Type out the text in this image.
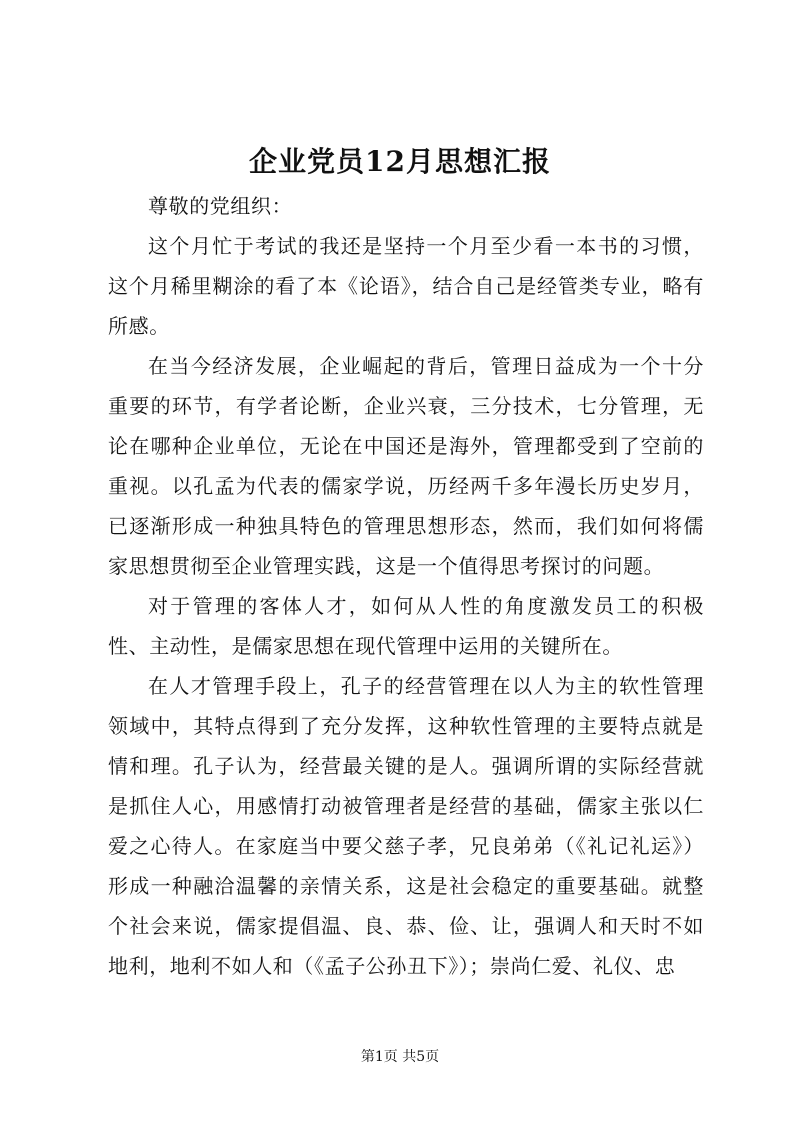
企业党员12月思想汇报

尊敬的党组织：

这个月忙于考试的我还是坚持一个月至少看一本书的习惯，这个月稀里糊涂的看了本《论语》，结合自己是经管类专业，略有所感。

在当今经济发展，企业崛起的背后，管理日益成为一个十分重要的环节，有学者论断，企业兴衰，三分技术，七分管理，无论在哪种企业单位，无论在中国还是海外，管理都受到了空前的重视。以孔孟为代表的儒家学说，历经两千多年漫长历史岁月，已逐渐形成一种独具特色的管理思想形态，然而，我们如何将儒家思想贯彻至企业管理实践，这是一个值得思考探讨的问题。

对于管理的客体人才，如何从人性的角度激发员工的积极性、主动性，是儒家思想在现代管理中运用的关键所在。

在人才管理手段上，孔子的经营管理在以人为主的软性管理领域中，其特点得到了充分发挥，这种软性管理的主要特点就是情和理。孔子认为，经营最关键的是人。强调所谓的实际经营就是抓住人心，用感情打动被管理者是经营的基础，儒家主张以仁爱之心待人。在家庭当中要父慈子孝，兄良弟弟（《礼记礼运》）形成一种融洽温馨的亲情关系，这是社会稳定的重要基础。就整个社会来说，儒家提倡温、良、恭、俭、让，强调人和天时不如地利，地利不如人和（《孟子公孙丑下》）；崇尚仁爱、礼仪、忠

第1页 共5页
